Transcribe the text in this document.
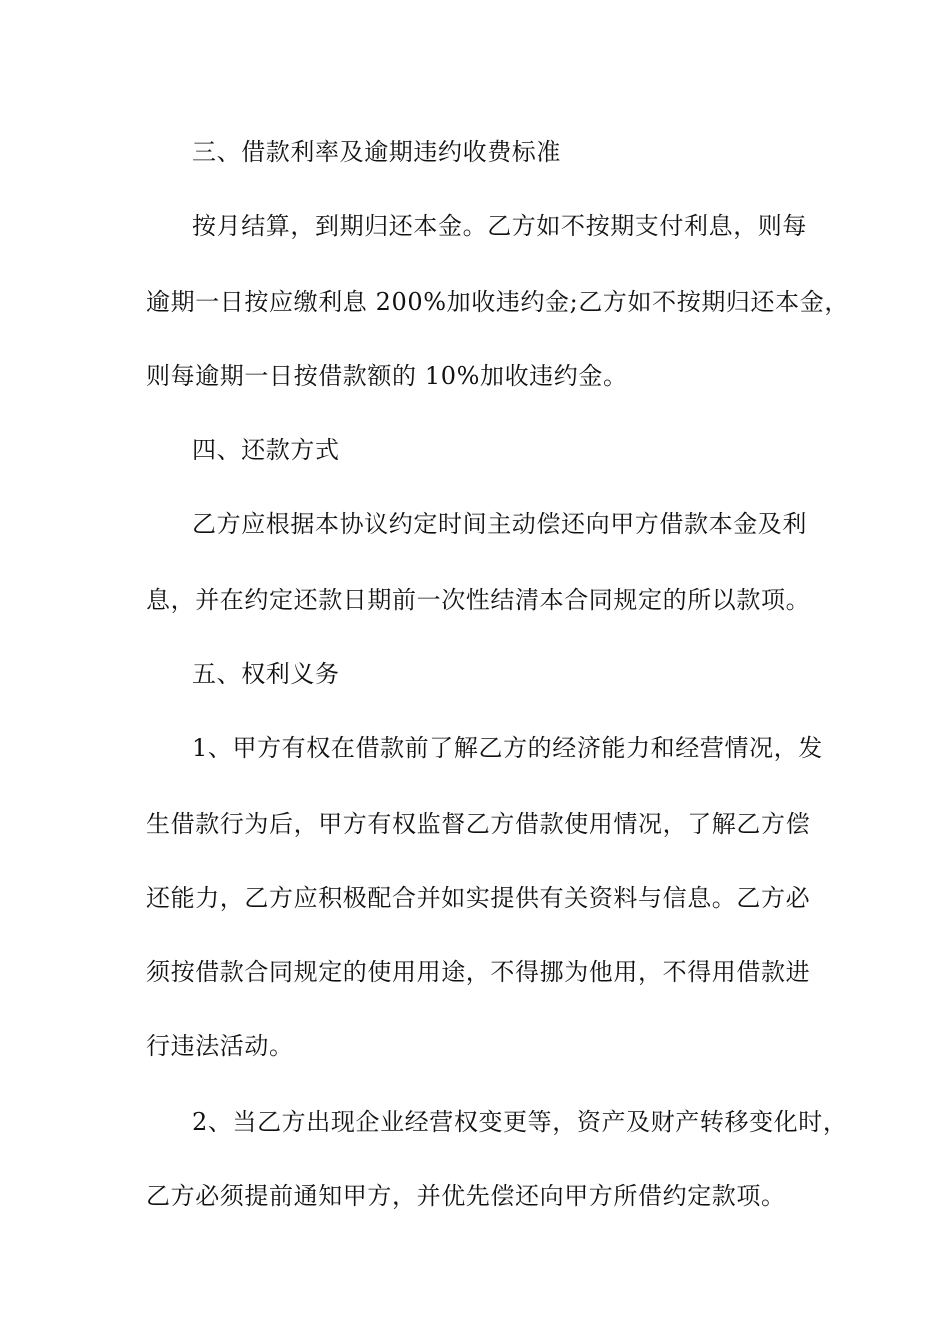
三、借款利率及逾期违约收费标准
按月结算，到期归还本金。乙方如不按期支付利息，则每
逾期一日按应缴利息 200%加收违约金;乙方如不按期归还本金，
则每逾期一日按借款额的 10%加收违约金。
四、还款方式
乙方应根据本协议约定时间主动偿还向甲方借款本金及利
息，并在约定还款日期前一次性结清本合同规定的所以款项。
五、权利义务
1、甲方有权在借款前了解乙方的经济能力和经营情况，发
生借款行为后，甲方有权监督乙方借款使用情况，了解乙方偿
还能力，乙方应积极配合并如实提供有关资料与信息。乙方必
须按借款合同规定的使用用途，不得挪为他用，不得用借款进
行违法活动。
2、当乙方出现企业经营权变更等，资产及财产转移变化时，
乙方必须提前通知甲方，并优先偿还向甲方所借约定款项。
